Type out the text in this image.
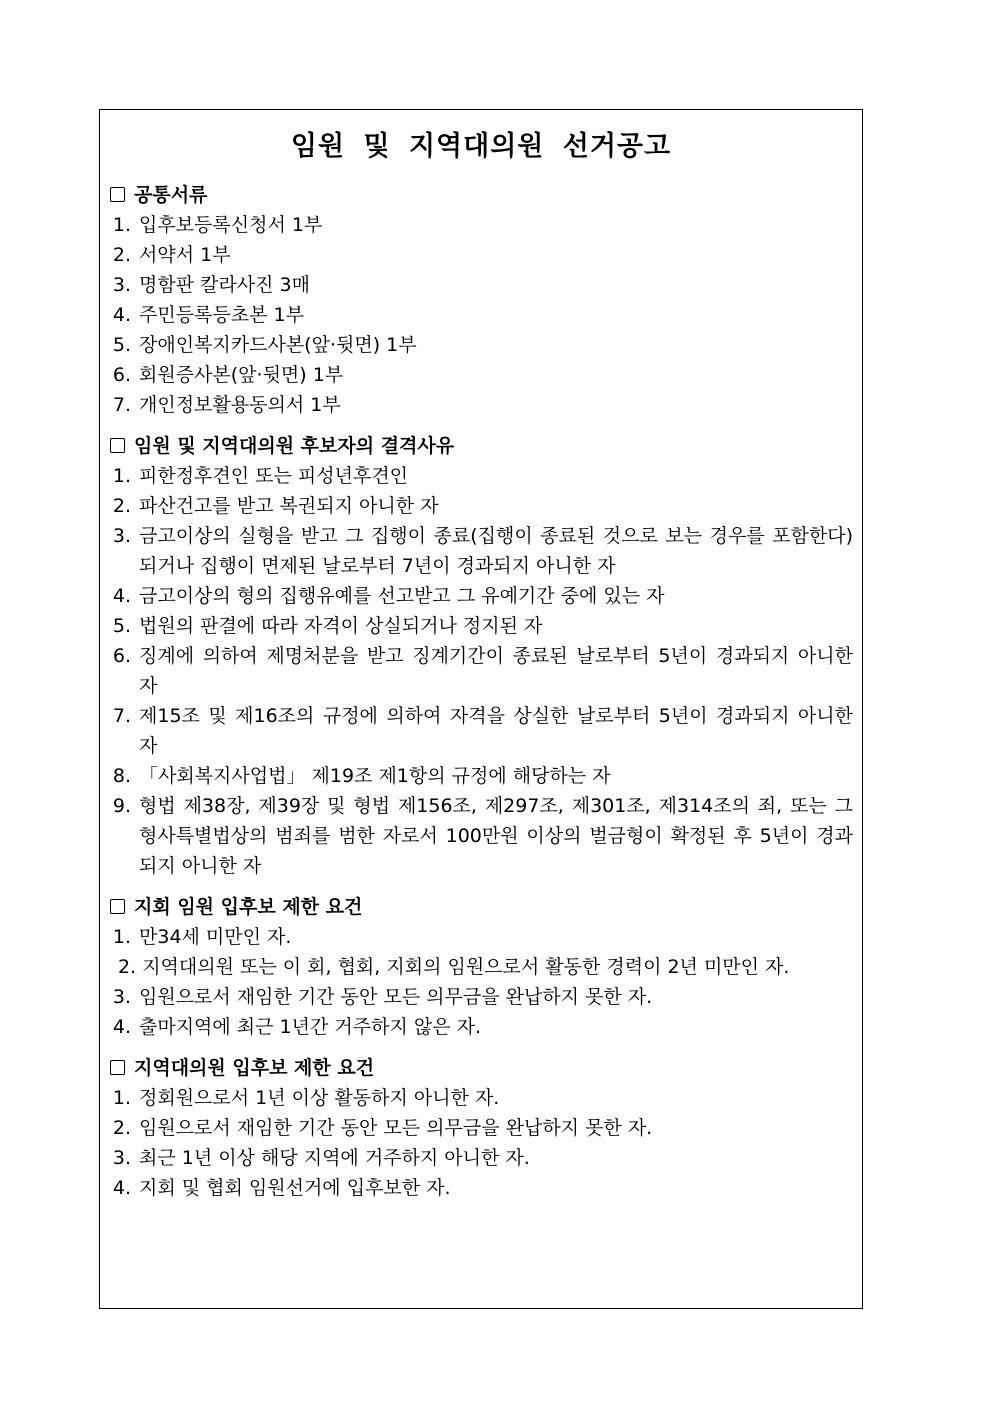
임원 및 지역대의원 선거공고
공통서류
1. 입후보등록신청서 1부
2. 서약서 1부
3. 명함판 칼라사진 3매
4. 주민등록등초본 1부
5. 장애인복지카드사본(앞·뒷면) 1부
6. 회원증사본(앞·뒷면) 1부
7. 개인정보활용동의서 1부
임원 및 지역대의원 후보자의 결격사유
1. 피한정후견인 또는 피성년후견인
2. 파산건고를 받고 복권되지 아니한 자
3. 금고이상의 실형을 받고 그 집행이 종료(집행이 종료된 것으로 보는 경우를 포함한다)되거나 집행이 면제된 날로부터 7년이 경과되지 아니한 자
4. 금고이상의 형의 집행유예를 선고받고 그 유예기간 중에 있는 자
5. 법원의 판결에 따라 자격이 상실되거나 정지된 자
6. 징계에 의하여 제명처분을 받고 징계기간이 종료된 날로부터 5년이 경과되지 아니한 자
7. 제15조 및 제16조의 규정에 의하여 자격을 상실한 날로부터 5년이 경과되지 아니한 자
8. 「사회복지사업법」 제19조 제1항의 규정에 해당하는 자
9. 형법 제38장, 제39장 및 형법 제156조, 제297조, 제301조, 제314조의 죄, 또는 그 형사특별법상의 범죄를 범한 자로서 100만원 이상의 벌금형이 확정된 후 5년이 경과되지 아니한 자
지회 임원 입후보 제한 요건
1. 만34세 미만인 자.
2. 지역대의원 또는 이 회, 협회, 지회의 임원으로서 활동한 경력이 2년 미만인 자.
3. 임원으로서 재임한 기간 동안 모든 의무금을 완납하지 못한 자.
4. 출마지역에 최근 1년간 거주하지 않은 자.
지역대의원 입후보 제한 요건
1. 정회원으로서 1년 이상 활동하지 아니한 자.
2. 임원으로서 재임한 기간 동안 모든 의무금을 완납하지 못한 자.
3. 최근 1년 이상 해당 지역에 거주하지 아니한 자.
4. 지회 및 협회 임원선거에 입후보한 자.
